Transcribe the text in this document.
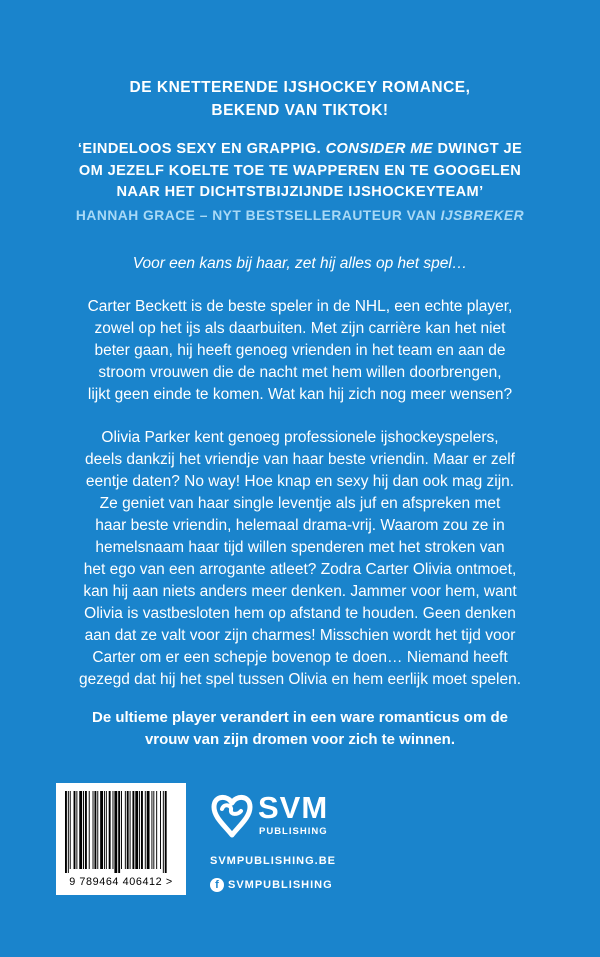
DE KNETTERENDE IJSHOCKEY ROMANCE,
BEKEND VAN TIKTOK!
‘EINDELOOS SEXY EN GRAPPIG. CONSIDER ME DWINGT JE
OM JEZELF KOELTE TOE TE WAPPEREN EN TE GOOGELEN
NAAR HET DICHTSTBIJZIJNDE IJSHOCKEYTEAM’
HANNAH GRACE – NYT BESTSELLERAUTEUR VAN IJSBREKER
Voor een kans bij haar, zet hij alles op het spel…
Carter Beckett is de beste speler in de NHL, een echte player,
zowel op het ijs als daarbuiten. Met zijn carrière kan het niet
beter gaan, hij heeft genoeg vrienden in het team en aan de
stroom vrouwen die de nacht met hem willen doorbrengen,
lijkt geen einde te komen. Wat kan hij zich nog meer wensen?
Olivia Parker kent genoeg professionele ijshockeyspelers,
deels dankzij het vriendje van haar beste vriendin. Maar er zelf
eentje daten? No way! Hoe knap en sexy hij dan ook mag zijn.
Ze geniet van haar single leventje als juf en afspreken met
haar beste vriendin, helemaal drama-vrij. Waarom zou ze in
hemelsnaam haar tijd willen spenderen met het stroken van
het ego van een arrogante atleet? Zodra Carter Olivia ontmoet,
kan hij aan niets anders meer denken. Jammer voor hem, want
Olivia is vastbesloten hem op afstand te houden. Geen denken
aan dat ze valt voor zijn charmes! Misschien wordt het tijd voor
Carter om er een schepje bovenop te doen… Niemand heeft
gezegd dat hij het spel tussen Olivia en hem eerlijk moet spelen.
De ultieme player verandert in een ware romanticus om de
vrouw van zijn dromen voor zich te winnen.
9 789464 406412 >
SVM
PUBLISHING
SVMPUBLISHING.BE
f SVMPUBLISHING
